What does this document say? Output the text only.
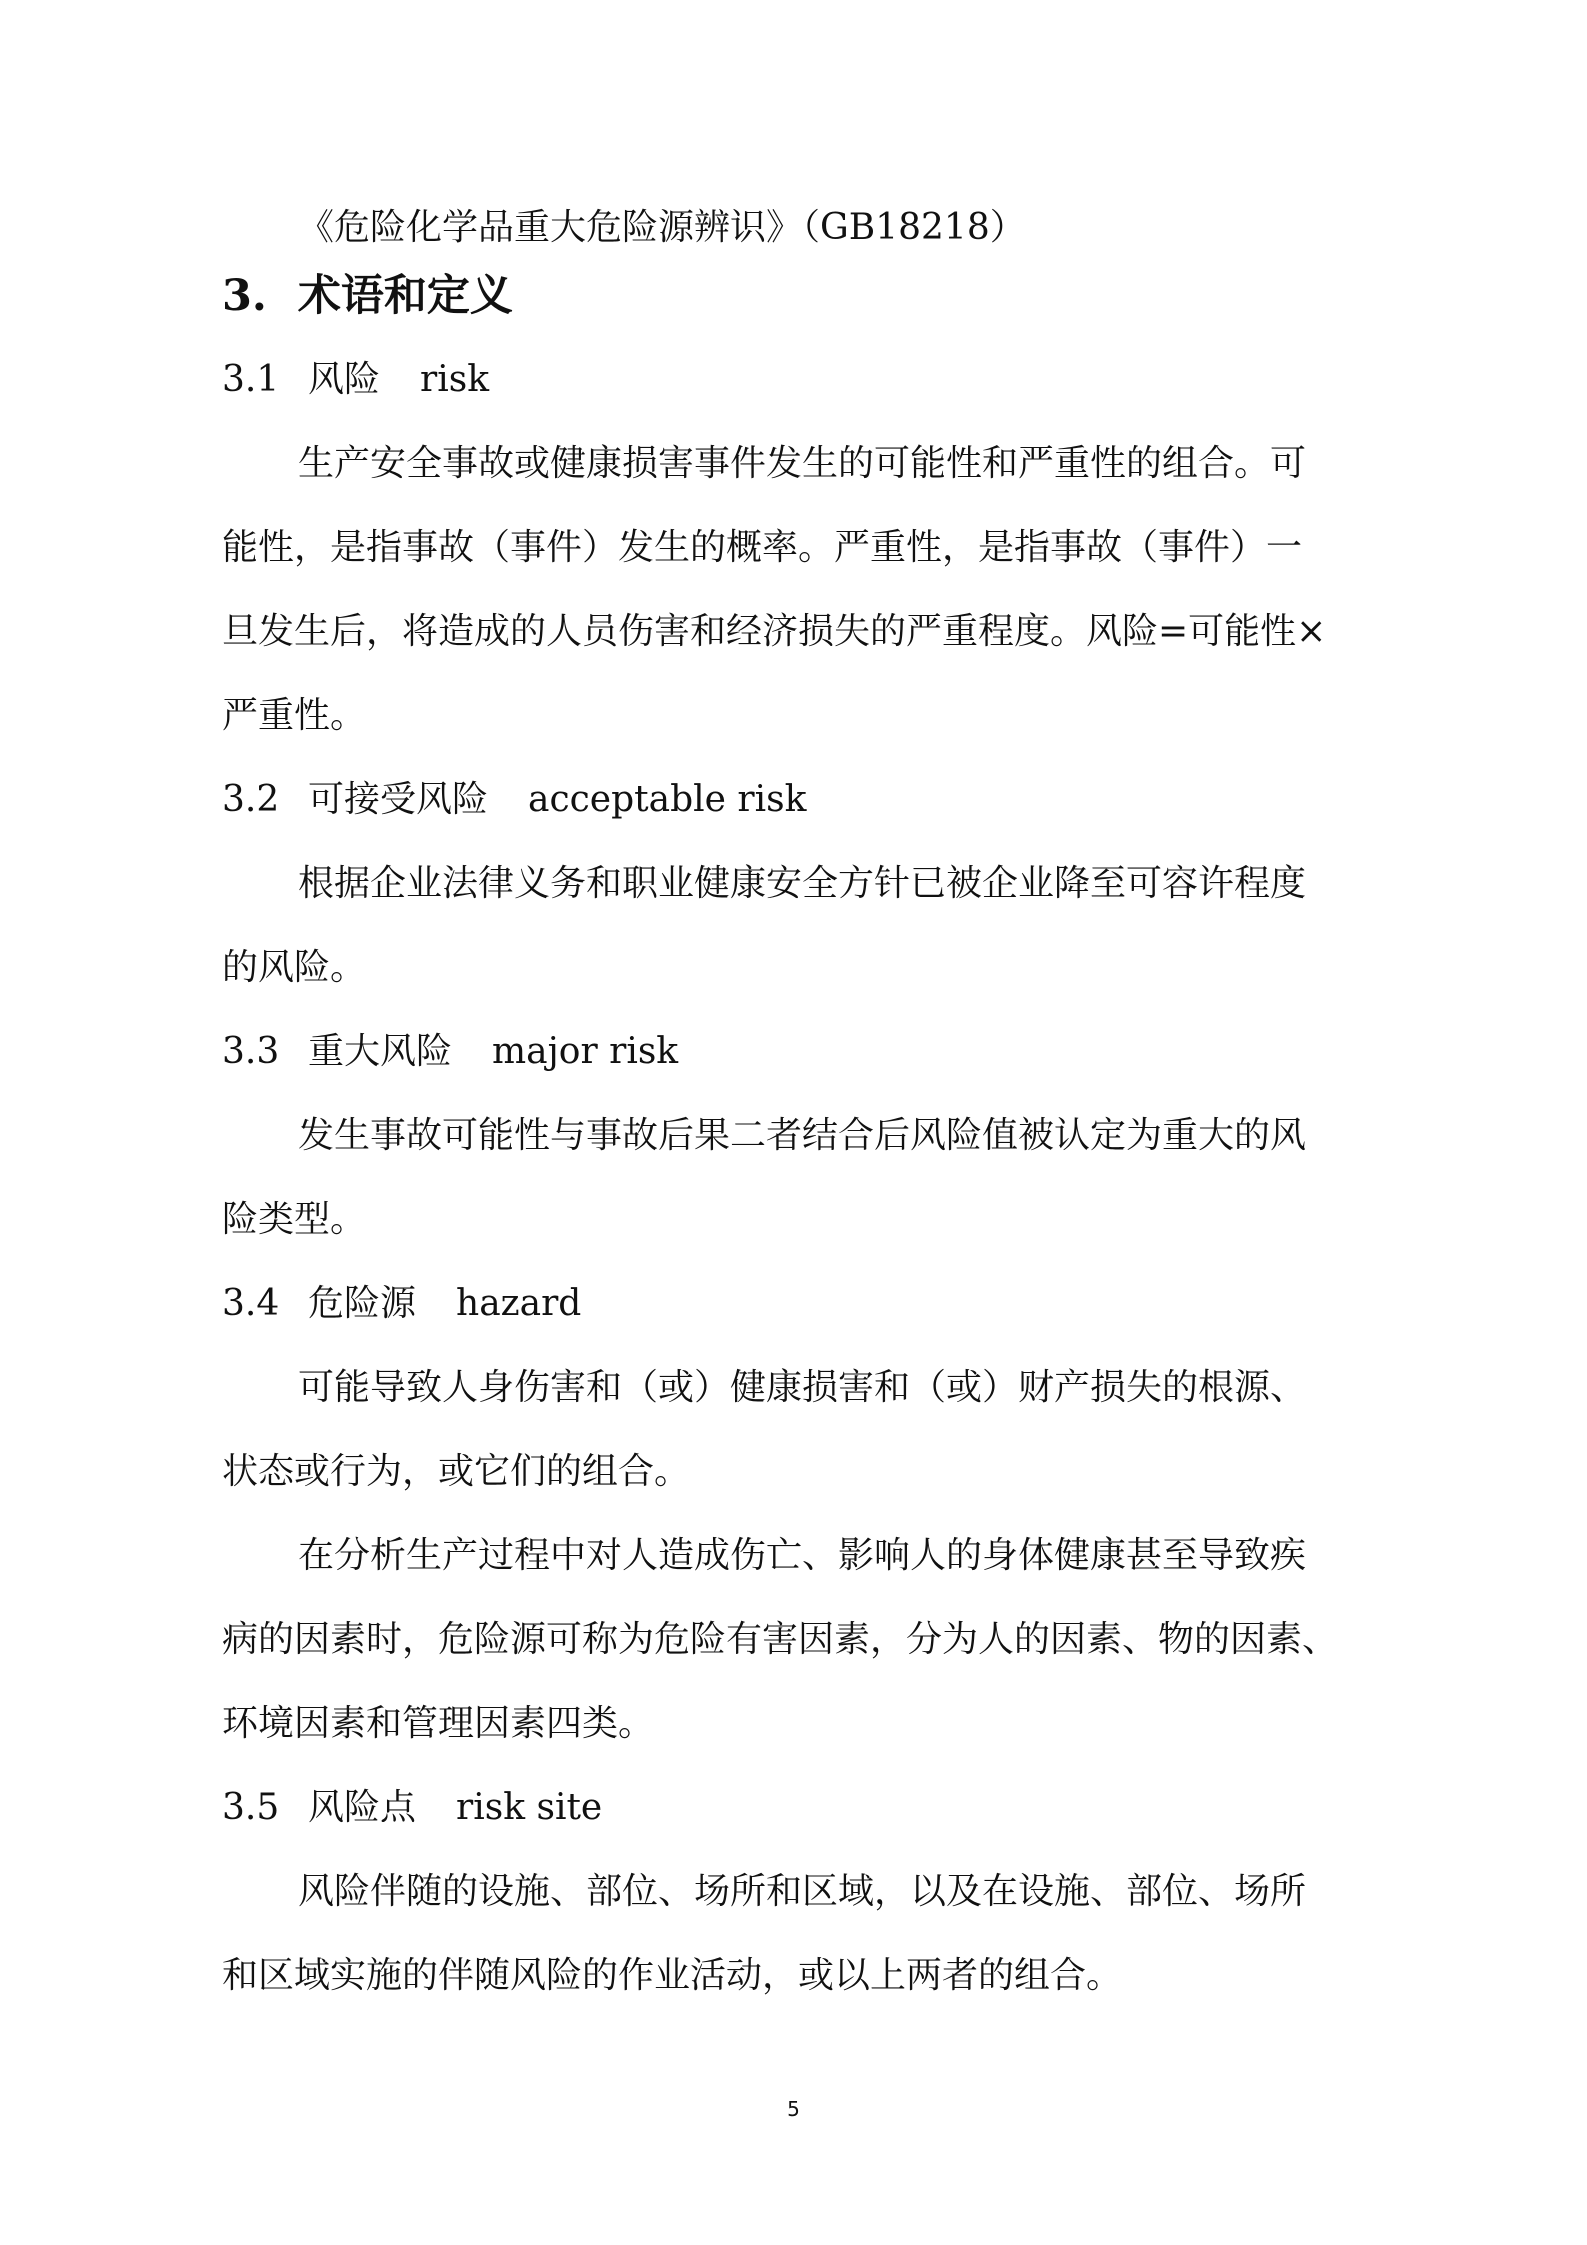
《危险化学品重大危险源辨识》（GB18218）
3. 术语和定义
3.1 风险 risk
生产安全事故或健康损害事件发生的可能性和严重性的组合。可
能性，是指事故（事件）发生的概率。严重性，是指事故（事件）一
旦发生后，将造成的人员伤害和经济损失的严重程度。风险=可能性×
严重性。
3.2 可接受风险 acceptable risk
根据企业法律义务和职业健康安全方针已被企业降至可容许程度
的风险。
3.3 重大风险 major risk
发生事故可能性与事故后果二者结合后风险值被认定为重大的风
险类型。
3.4 危险源 hazard
可能导致人身伤害和（或）健康损害和（或）财产损失的根源、
状态或行为，或它们的组合。
在分析生产过程中对人造成伤亡、影响人的身体健康甚至导致疾
病的因素时，危险源可称为危险有害因素，分为人的因素、物的因素、
环境因素和管理因素四类。
3.5 风险点 risk site
风险伴随的设施、部位、场所和区域，以及在设施、部位、场所
和区域实施的伴随风险的作业活动，或以上两者的组合。
5
